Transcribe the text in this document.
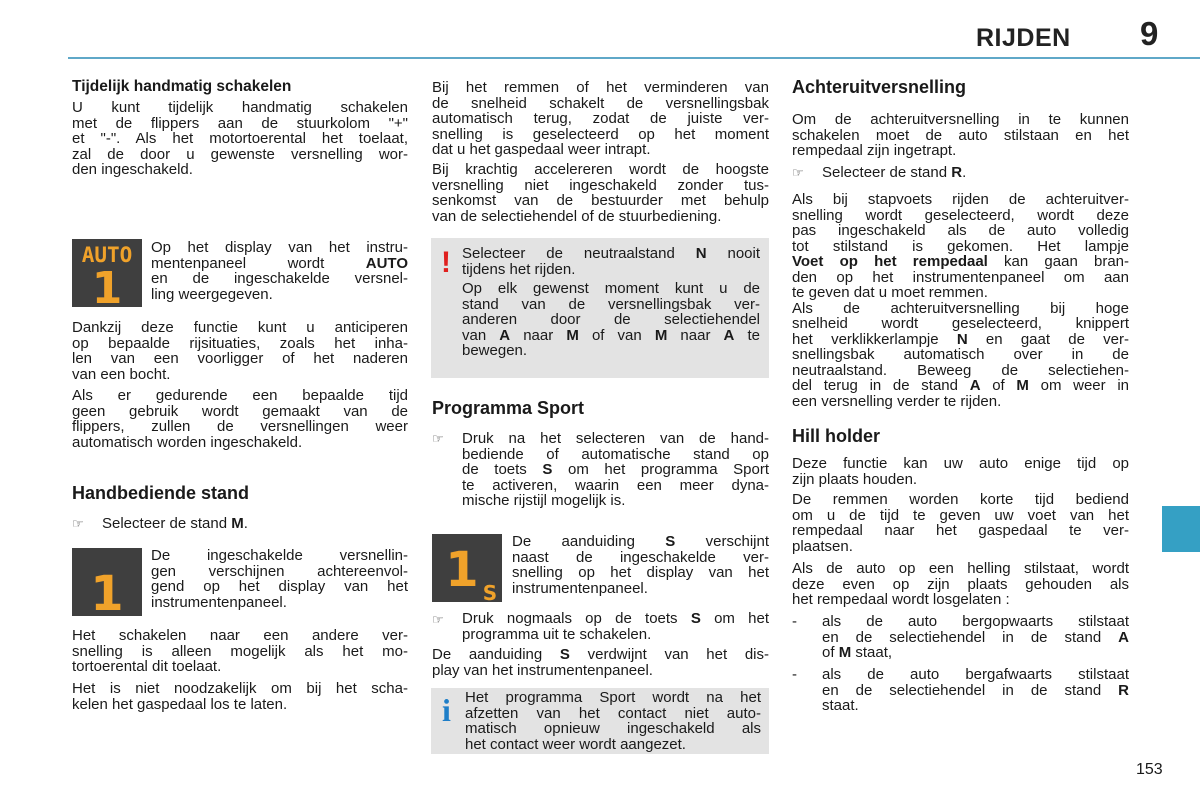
RIJDEN 9
153
Tijdelijk handmatig schakelen

U kunt tijdelijk handmatig schakelen

met de flippers aan de stuurkolom "+"

et "-". Als het motortoerental het toelaat,

zal de door u gewenste versnelling wor-

den ingeschakeld.

AUTO
1

Op het display van het instru-

mentenpaneel wordt	AUTO

en de ingeschakelde versnel-

ling weergegeven.

Dankzij deze functie kunt u anticiperen

op bepaalde rijsituaties, zoals het inha-

len van een voorligger of het naderen

van een bocht.

Als er gedurende een bepaalde tijd

geen gebruik wordt gemaakt van de

flippers, zullen de versnellingen weer

automatisch worden ingeschakeld.

Handbediende stand
☞ Selecteer de stand M.
1

De ingeschakelde versnellin-

gen verschijnen achtereenvol-

gend op het display van het

instrumentenpaneel.

Het schakelen naar een andere ver-

snelling is alleen mogelijk als het mo-

tortoerental dit toelaat.

Het is niet noodzakelijk om bij het scha-

kelen het gaspedaal los te laten.

Bij het remmen of het verminderen van

de snelheid schakelt de versnellingsbak

automatisch terug, zodat de juiste ver-

snelling is geselecteerd op het moment

dat u het gaspedaal weer intrapt.

Bij krachtig accelereren wordt de hoogste

versnelling niet ingeschakeld zonder tus-

senkomst van de bestuurder met behulp

van de selectiehendel of de stuurbediening.

! Selecteer de neutraalstand N nooit

tijdens het rijden.

Op elk gewenst moment kunt u de

stand van de versnellingsbak ver-

anderen door de selectiehendel

van A naar M of van M naar A te

bewegen.

Programma Sport
☞ Druk na het selecteren van de hand-

bediende of automatische stand op

de toets S om het programma Sport

te activeren, waarin een meer dyna-

mische rijstijl mogelijk is.

1 S

De aanduiding S verschijnt

naast de ingeschakelde ver-

snelling op het display van het

instrumentenpaneel.

☞ Druk nogmaals op de toets S om het

programma uit te schakelen.

De aanduiding S verdwijnt van het dis-

play van het instrumentenpaneel.

i Het programma Sport wordt na het

afzetten van het contact niet auto-

matisch opnieuw ingeschakeld als

het contact weer wordt aangezet.

Achteruitversnelling

Om de achteruitversnelling in te kunnen

schakelen moet de auto stilstaan en het

rempedaal zijn ingetrapt.

☞ Selecteer de stand R.

Als bij stapvoets rijden de achteruitver-

snelling wordt geselecteerd, wordt deze

pas ingeschakeld als de auto volledig

tot stilstand is gekomen. Het lampje

Voet op het rempedaal kan gaan bran-

den op het instrumentenpaneel om aan

te geven dat u moet remmen.

Als de achteruitversnelling bij hoge

snelheid wordt geselecteerd, knippert

het verklikkerlampje N en gaat de ver-

snellingsbak automatisch over in de

neutraalstand. Beweeg de selectiehen-

del terug in de stand A of M om weer in

een versnelling verder te rijden.

Hill holder

Deze functie kan uw auto enige tijd op

zijn plaats houden.

De remmen worden korte tijd bediend

om u de tijd te geven uw voet van het

rempedaal naar het gaspedaal te ver-

plaatsen.

Als de auto op een helling stilstaat, wordt

deze even op zijn plaats gehouden als

het rempedaal wordt losgelaten :

- als de auto bergopwaarts stilstaat

en de selectiehendel in de stand A

of M staat,

- als de auto bergafwaarts stilstaat

en de selectiehendel in de stand R

staat.
